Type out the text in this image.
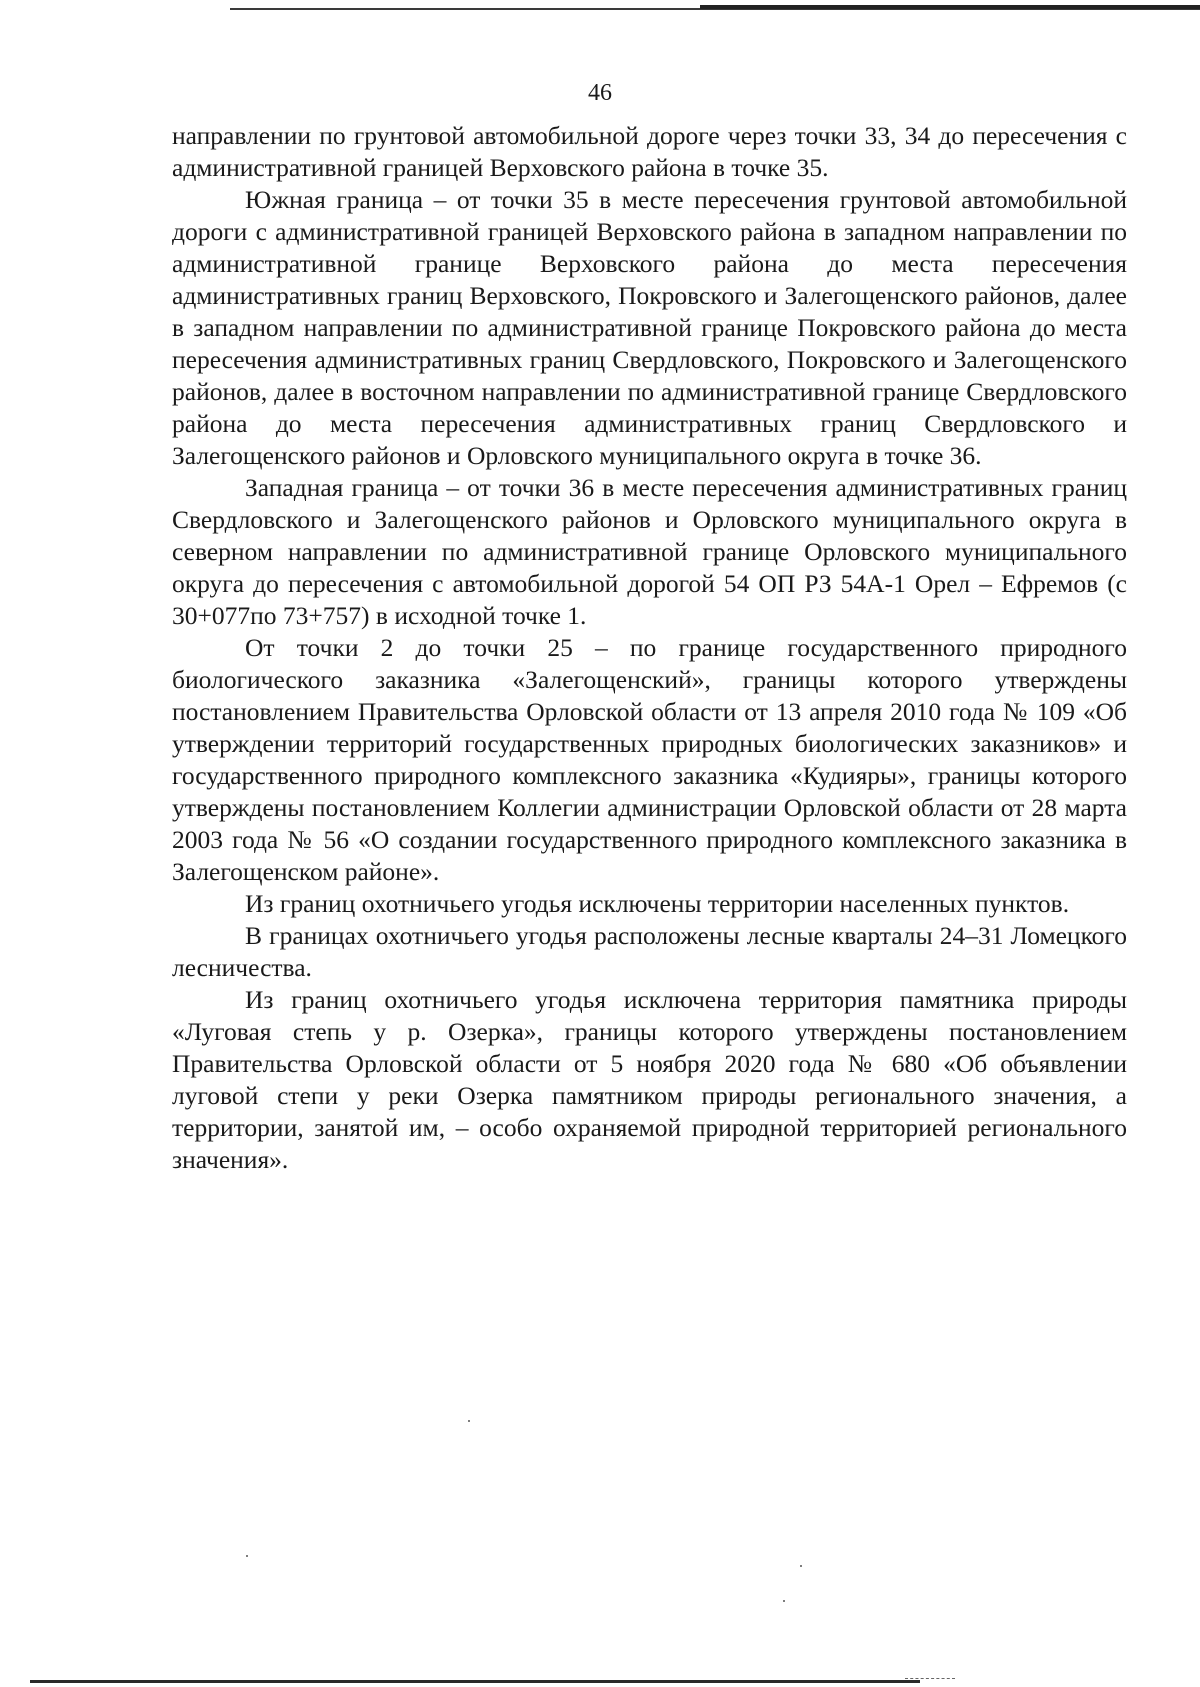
46

направлении по грунтовой автомобильной дороге через точки 33, 34 до пересечения с административной границей Верховского района в точке 35.

Южная граница – от точки 35 в месте пересечения грунтовой автомобильной дороги с административной границей Верховского района в западном направлении по административной границе Верховского района до места пересечения административных границ Верховского, Покровского и Залегощенского районов, далее в западном направлении по административной границе Покровского района до места пересечения административных границ Свердловского, Покровского и Залегощенского районов, далее в восточном направлении по административной границе Свердловского района до места пересечения административных границ Свердловского и Залегощенского районов и Орловского муниципального округа в точке 36.

Западная граница – от точки 36 в месте пересечения административных границ Свердловского и Залегощенского районов и Орловского муниципального округа в северном направлении по административной границе Орловского муниципального округа до пересечения с автомобильной дорогой 54 ОП РЗ 54А-1 Орел – Ефремов (с 30+077по 73+757) в исходной точке 1.

От точки 2 до точки 25 – по границе государственного природного биологического заказника «Залегощенский», границы которого утверждены постановлением Правительства Орловской области от 13 апреля 2010 года № 109 «Об утверждении территорий государственных природных биологических заказников» и государственного природного комплексного заказника «Кудияры», границы которого утверждены постановлением Коллегии администрации Орловской области от 28 марта 2003 года № 56 «О создании государственного природного комплексного заказника в Залегощенском районе».

Из границ охотничьего угодья исключены территории населенных пунктов.

В границах охотничьего угодья расположены лесные кварталы 24–31 Ломецкого лесничества.

Из границ охотничьего угодья исключена территория памятника природы «Луговая степь у р. Озерка», границы которого утверждены постановлением Правительства Орловской области от 5 ноября 2020 года № 680 «Об объявлении луговой степи у реки Озерка памятником природы регионального значения, а территории, занятой им, – особо охраняемой природной территорией регионального значения».
